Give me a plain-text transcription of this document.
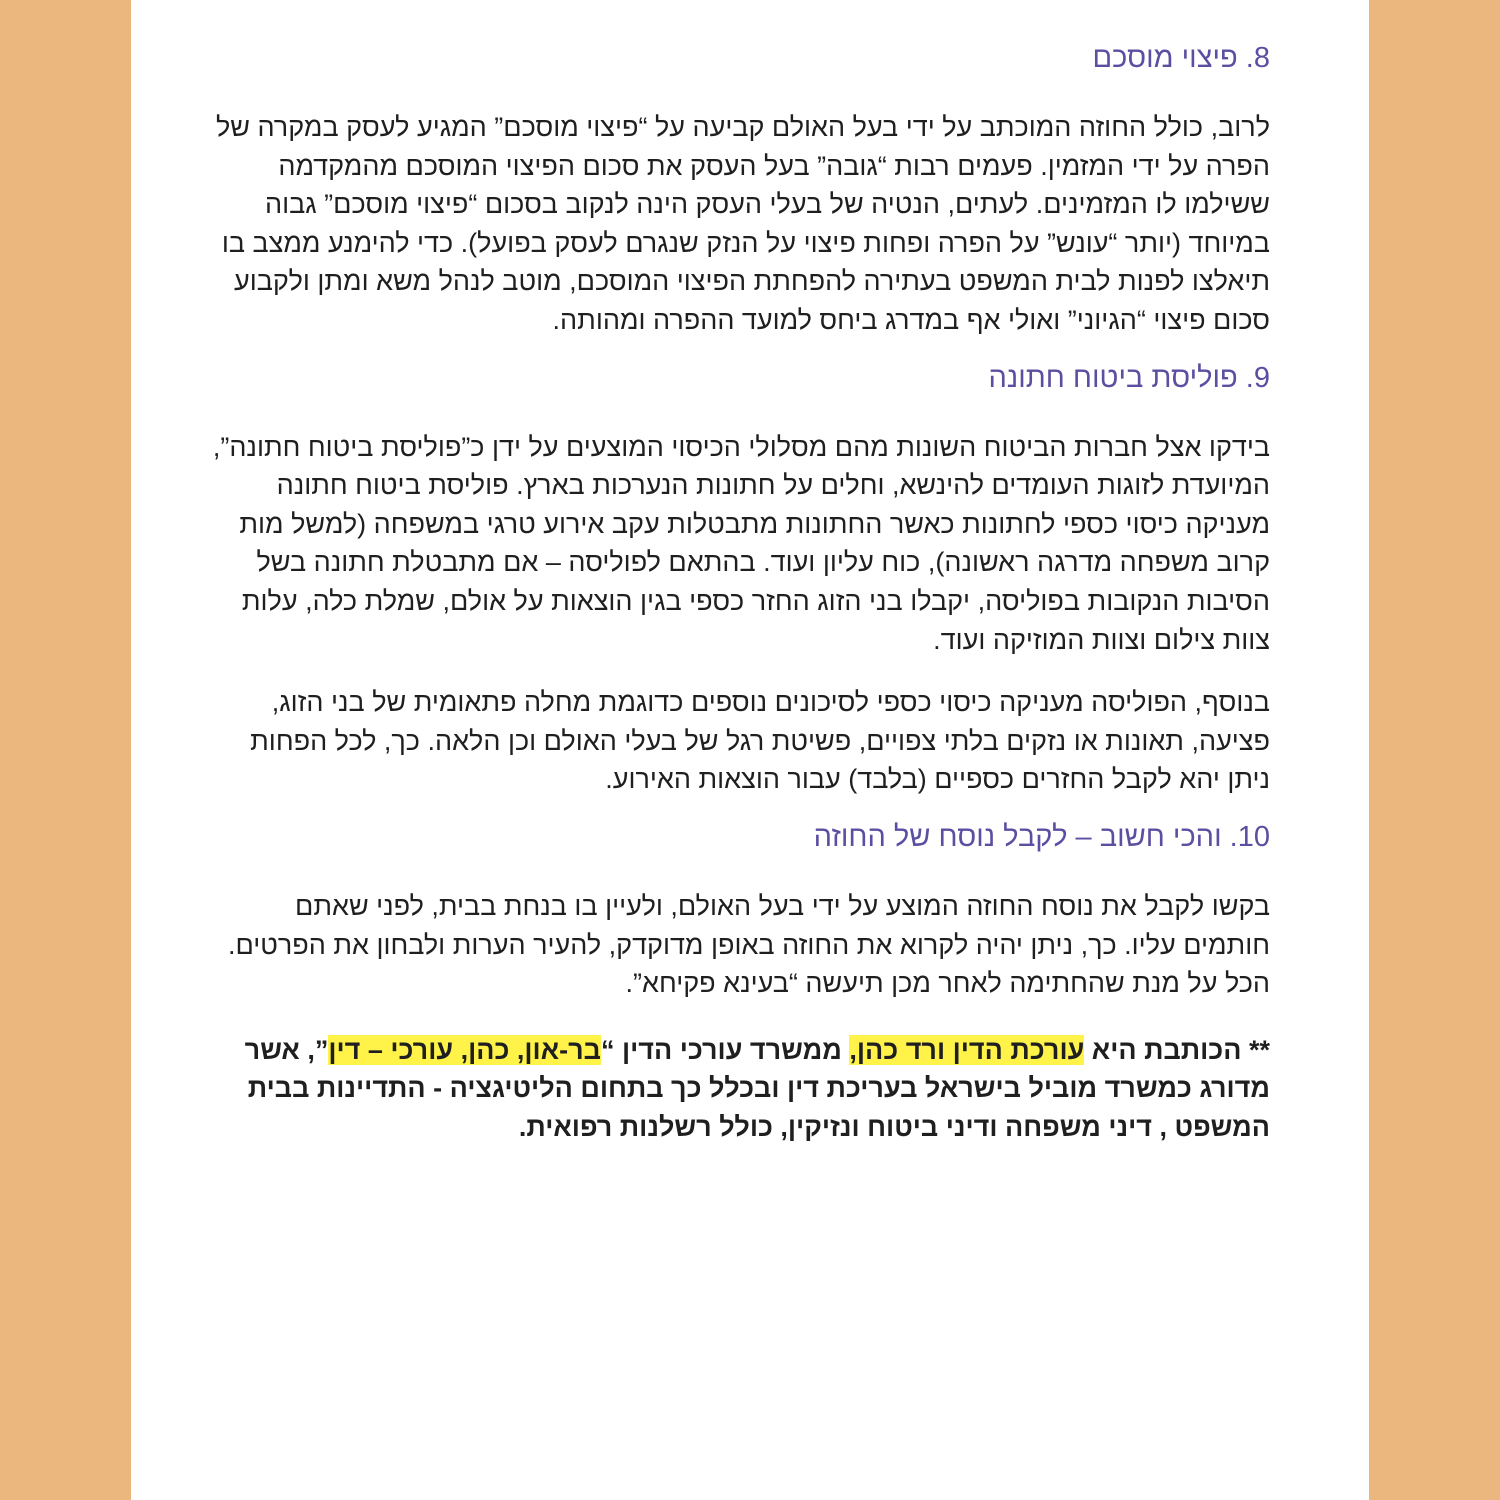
8. פיצוי מוסכם

לרוב, כולל החוזה המוכתב על ידי בעל האולם קביעה על “פיצוי מוסכם” המגיע לעסק במקרה של הפרה על ידי המזמין. פעמים רבות “גובה” בעל העסק את סכום הפיצוי המוסכם מהמקדמה ששילמו לו המזמינים. לעתים, הנטיה של בעלי העסק הינה לנקוב בסכום “פיצוי מוסכם” גבוה במיוחד (יותר “עונש” על הפרה ופחות פיצוי על הנזק שנגרם לעסק בפועל). כדי להימנע ממצב בו תיאלצו לפנות לבית המשפט בעתירה להפחתת הפיצוי המוסכם, מוטב לנהל משא ומתן ולקבוע סכום פיצוי “הגיוני” ואולי אף במדרג ביחס למועד ההפרה ומהותה.

9. פוליסת ביטוח חתונה

בידקו אצל חברות הביטוח השונות מהם מסלולי הכיסוי המוצעים על ידן כ”פוליסת ביטוח חתונה”, המיועדת לזוגות העומדים להינשא, וחלים על חתונות הנערכות בארץ. פוליסת ביטוח חתונה מעניקה כיסוי כספי לחתונות כאשר החתונות מתבטלות עקב אירוע טרגי במשפחה (למשל מות קרוב משפחה מדרגה ראשונה), כוח עליון ועוד. בהתאם לפוליסה – אם מתבטלת חתונה בשל הסיבות הנקובות בפוליסה, יקבלו בני הזוג החזר כספי בגין הוצאות על אולם, שמלת כלה, עלות צוות צילום וצוות המוזיקה ועוד.

בנוסף, הפוליסה מעניקה כיסוי כספי לסיכונים נוספים כדוגמת מחלה פתאומית של בני הזוג, פציעה, תאונות או נזקים בלתי צפויים, פשיטת רגל של בעלי האולם וכן הלאה. כך, לכל הפחות ניתן יהא לקבל החזרים כספיים (בלבד) עבור הוצאות האירוע.

10. והכי חשוב – לקבל נוסח של החוזה

בקשו לקבל את נוסח החוזה המוצע על ידי בעל האולם, ולעיין בו בנחת בבית, לפני שאתם חותמים עליו. כך, ניתן יהיה לקרוא את החוזה באופן מדוקדק, להעיר הערות ולבחון את הפרטים. הכל על מנת שהחתימה לאחר מכן תיעשה “בעינא פקיחא”.

** הכותבת היא עורכת הדין ורד כהן, ממשרד עורכי הדין “בר-און, כהן, עורכי – דין”, אשר מדורג כמשרד מוביל בישראל בעריכת דין ובכלל כך בתחום הליטיגציה - התדיינות בבית המשפט , דיני משפחה ודיני ביטוח ונזיקין, כולל רשלנות רפואית.
